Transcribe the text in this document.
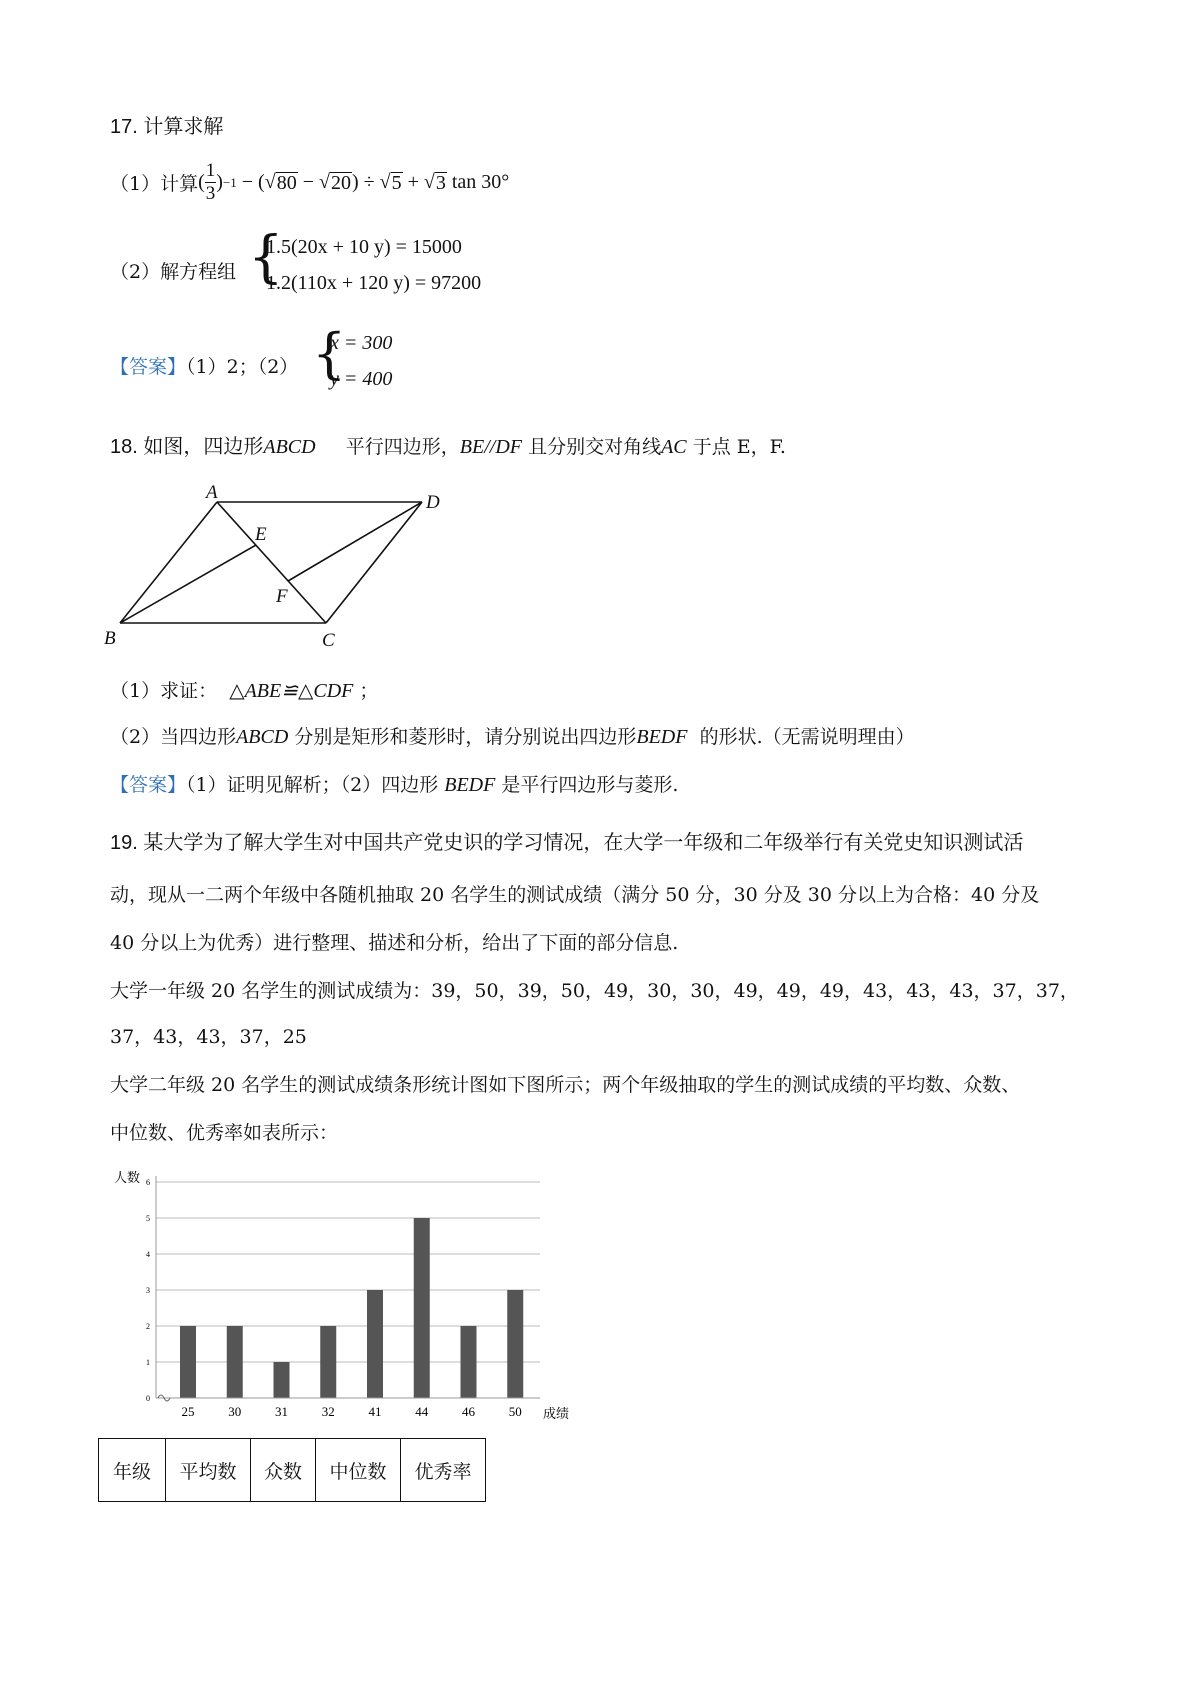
17. 计算求解
（1）计算 ( $\frac{1}{3}$ ) −1 − (√ 80 − √ 20 ) ÷ √ 5 + √ 3
tan 30°
（2）解方程组 {
1.5(20x + 10 y) = 15000
1.2(110x + 120 y) = 97200
【答案】（1）2；（2） {
x = 300
y = 400
18. 如图，四边形ABCD 平行四边形，BE//DF 且分别交对角线AC 于点 E，F.
A
B	C
D
E
F
（1）求证： △ABE≌△CDF ；
（2）当四边形ABCD 分别是矩形和菱形时，请分别说出四边形BEDF 的形状.（无需说明理由）
【答案】（1）证明见解析；（2）四边形 BEDF 是平行四边形与菱形.
19. 某大学为了解大学生对中国共产党史识的学习情况，在大学一年级和二年级举行有关党史知识测试活
动，现从一二两个年级中各随机抽取 20 名学生的测试成绩（满分 50 分，30 分及 30 分以上为合格：40 分及
40 分以上为优秀）进行整理、描述和分析，给出了下面的部分信息.
大学一年级 20 名学生的测试成绩为：39，50，39，50，49，30，30，49，49，49，43，43，43，37，37，
37，43，43，37，25
大学二年级 20 名学生的测试成绩条形统计图如下图所示；两个年级抽取的学生的测试成绩的平均数、众数、
中位数、优秀率如表所示：
人数
成绩
0
1
2
3
4
5
6
25	30	31	32	41	44	46	50
年级	平均数	众数	中位数	优秀率
